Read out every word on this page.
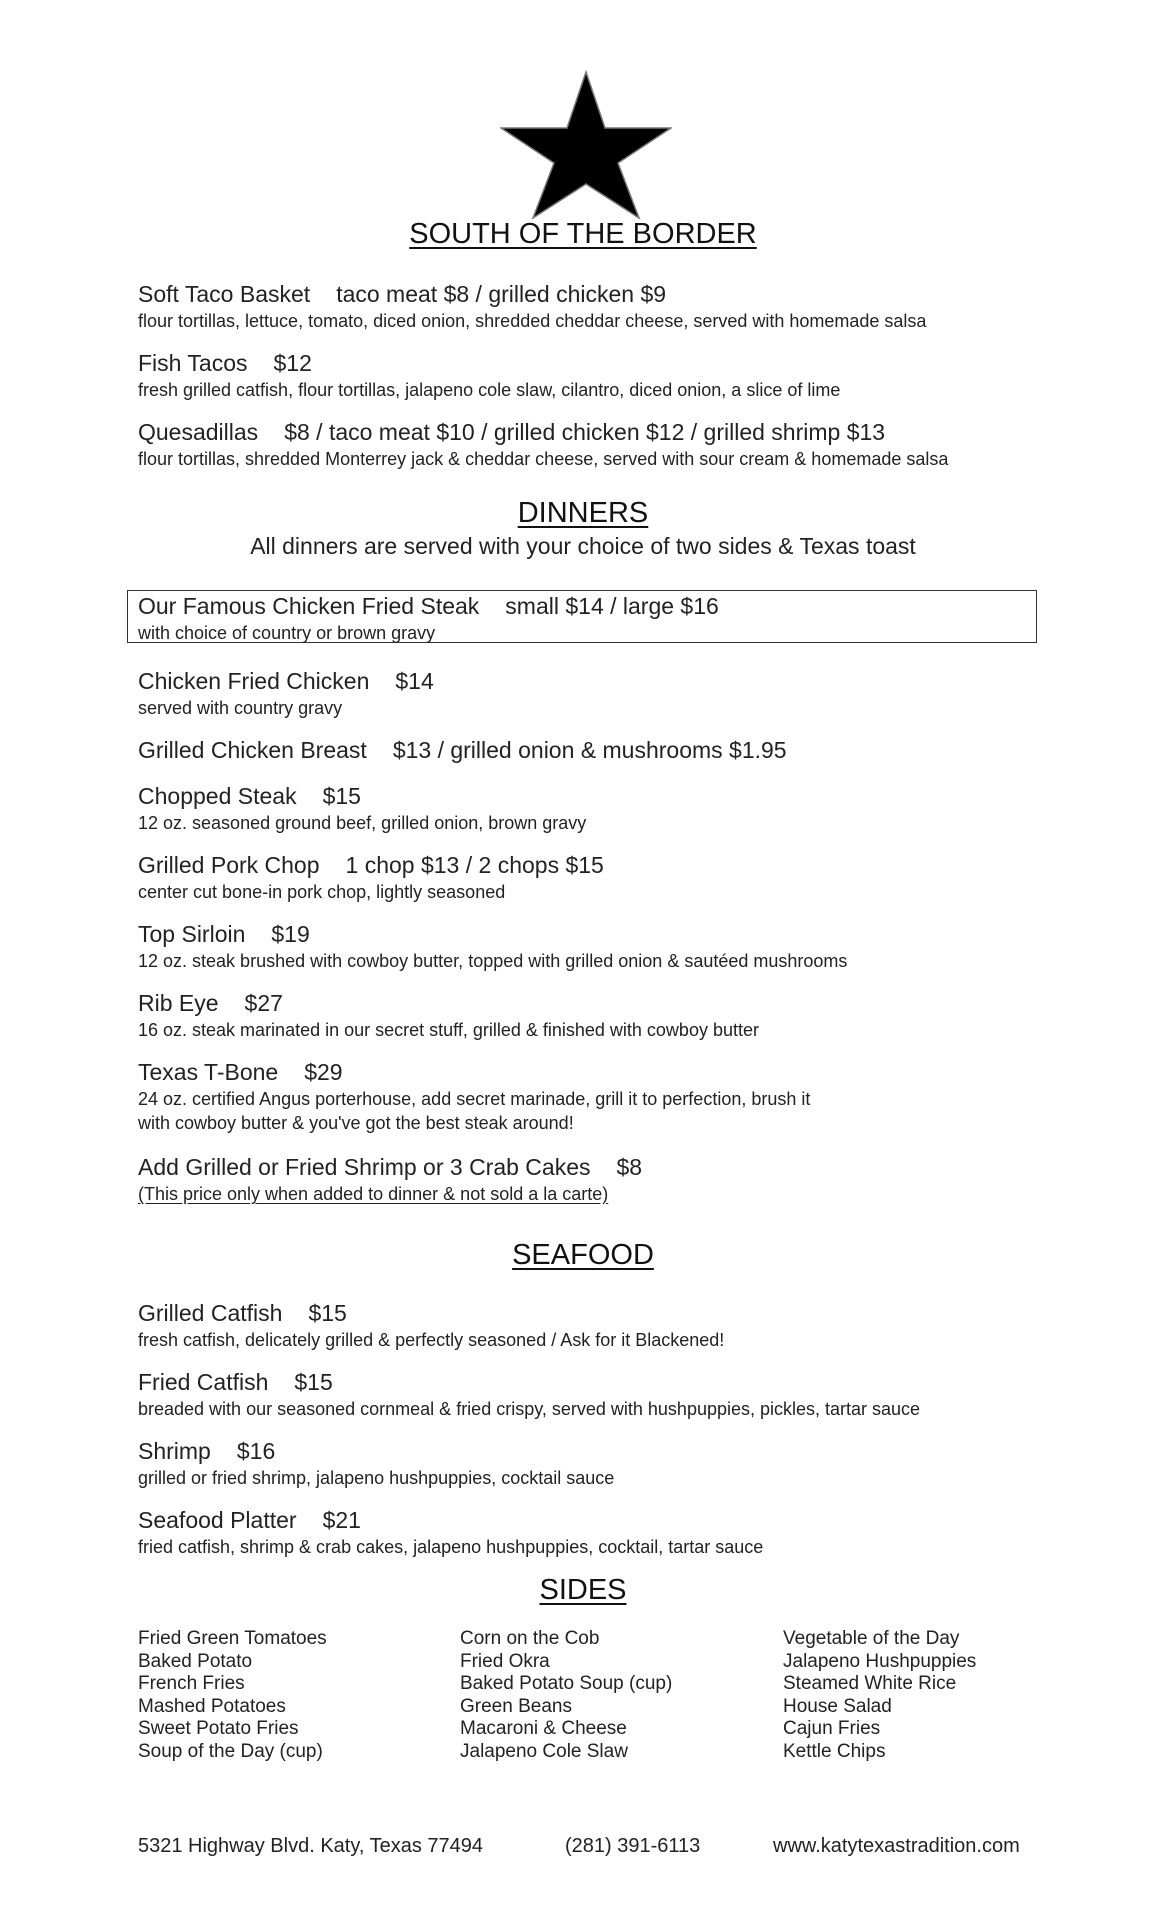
SOUTH OF THE BORDER
Soft Taco Basket taco meat $8 / grilled chicken $9
flour tortillas, lettuce, tomato, diced onion, shredded cheddar cheese, served with homemade salsa
Fish Tacos $12
fresh grilled catfish, flour tortillas, jalapeno cole slaw, cilantro, diced onion, a slice of lime
Quesadillas $8 / taco meat $10 / grilled chicken $12 / grilled shrimp $13
flour tortillas, shredded Monterrey jack & cheddar cheese, served with sour cream & homemade salsa
DINNERS
All dinners are served with your choice of two sides & Texas toast
Our Famous Chicken Fried Steak small $14 / large $16
with choice of country or brown gravy
Chicken Fried Chicken $14
served with country gravy
Grilled Chicken Breast $13 / grilled onion & mushrooms $1.95
Chopped Steak $15
12 oz. seasoned ground beef, grilled onion, brown gravy
Grilled Pork Chop 1 chop $13 / 2 chops $15
center cut bone-in pork chop, lightly seasoned
Top Sirloin $19
12 oz. steak brushed with cowboy butter, topped with grilled onion & sautéed mushrooms
Rib Eye $27
16 oz. steak marinated in our secret stuff, grilled & finished with cowboy butter
Texas T-Bone $29
24 oz. certified Angus porterhouse, add secret marinade, grill it to perfection, brush it
with cowboy butter & you've got the best steak around!
Add Grilled or Fried Shrimp or 3 Crab Cakes $8
(This price only when added to dinner & not sold a la carte)
SEAFOOD
Grilled Catfish $15
fresh catfish, delicately grilled & perfectly seasoned / Ask for it Blackened!
Fried Catfish $15
breaded with our seasoned cornmeal & fried crispy, served with hushpuppies, pickles, tartar sauce
Shrimp $16
grilled or fried shrimp, jalapeno hushpuppies, cocktail sauce
Seafood Platter $21
fried catfish, shrimp & crab cakes, jalapeno hushpuppies, cocktail, tartar sauce
SIDES
Fried Green Tomatoes
Baked Potato
French Fries
Mashed Potatoes
Sweet Potato Fries
Soup of the Day (cup)
Corn on the Cob
Fried Okra
Baked Potato Soup (cup)
Green Beans
Macaroni & Cheese
Jalapeno Cole Slaw
Vegetable of the Day
Jalapeno Hushpuppies
Steamed White Rice
House Salad
Cajun Fries
Kettle Chips
5321 Highway Blvd. Katy, Texas 77494	(281) 391-6113	www.katytexastradition.com
